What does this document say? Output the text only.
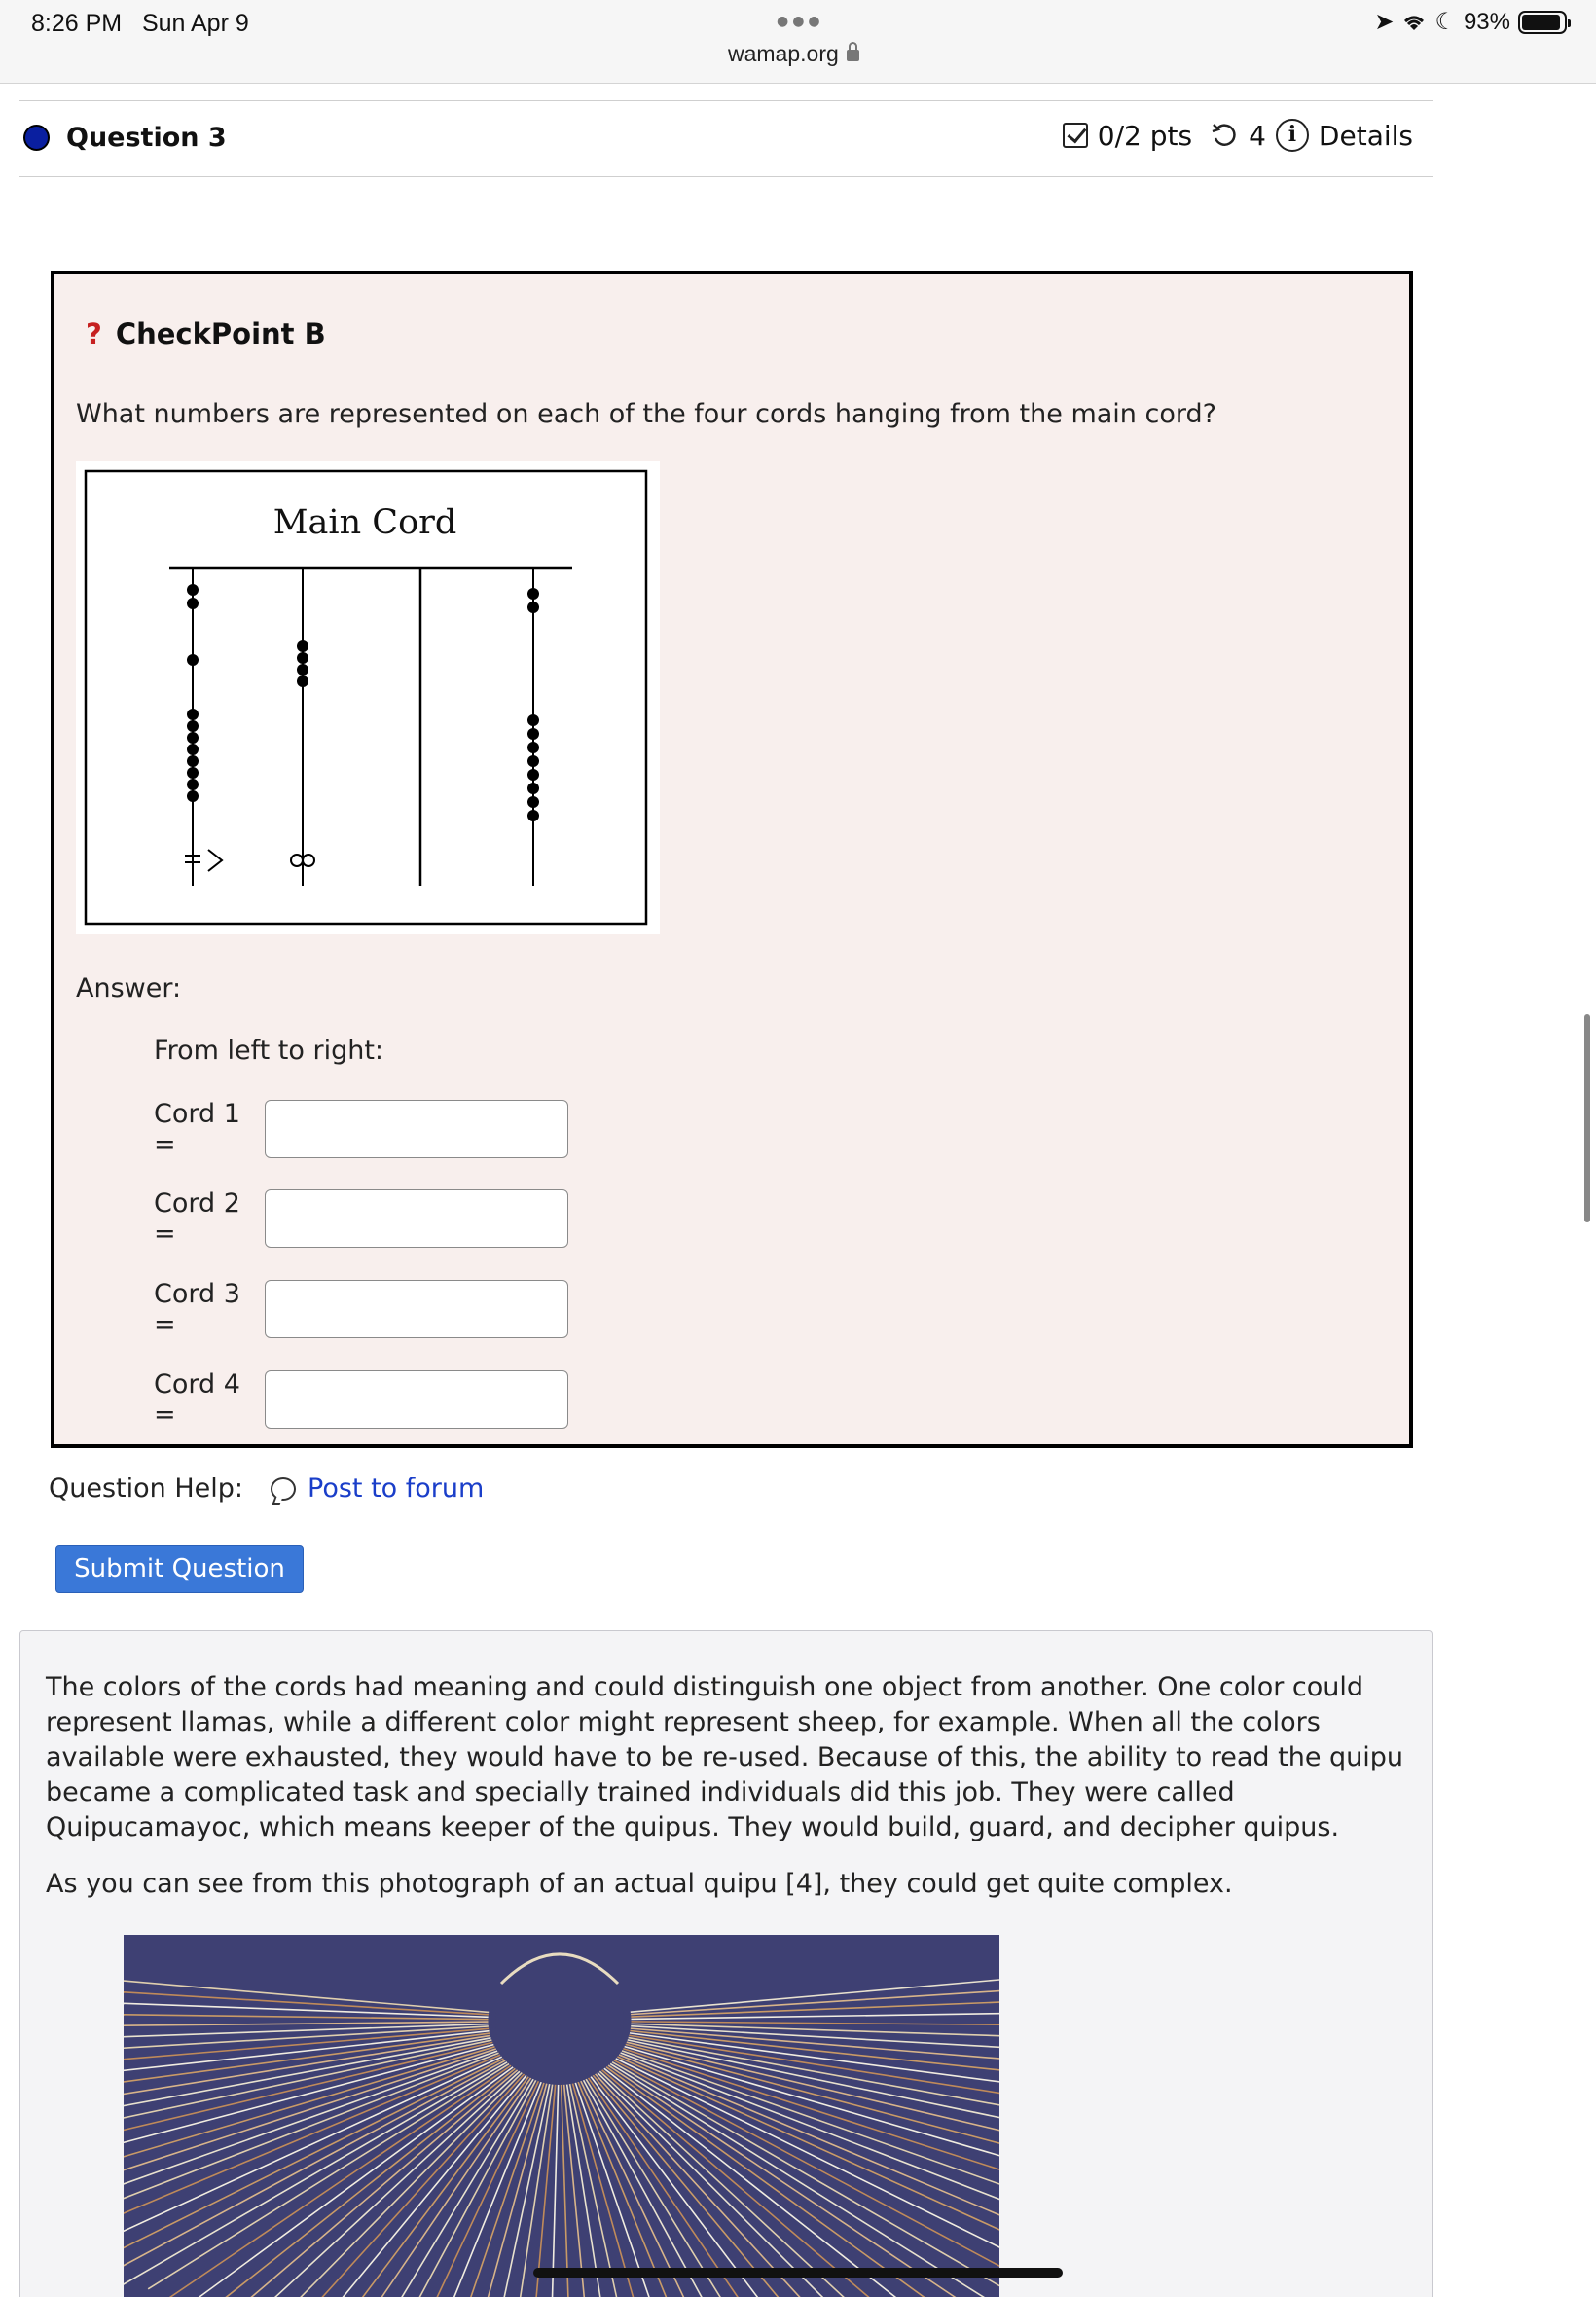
8:26 PM Sun Apr 9	●●●
wamap.org
➤ ☾ 93%
Question 3	0/2 pts 4	i Details
? CheckPoint B
What numbers are represented on each of the four cords hanging from the main cord?
Main Cord
Answer:
From left to right:
Cord 1 =
Cord 2 =
Cord 3 =
Cord 4 =
Question Help: Post to forum
Submit Question

The colors of the cords had meaning and could distinguish one object from another. One color could represent llamas, while a different color might represent sheep, for example. When all the colors available were exhausted, they would have to be re-used. Because of this, the ability to read the quipu became a complicated task and specially trained individuals did this job. They were called Quipucamayoc, which means keeper of the quipus. They would build, guard, and decipher quipus.

As you can see from this photograph of an actual quipu [4], they could get quite complex.
